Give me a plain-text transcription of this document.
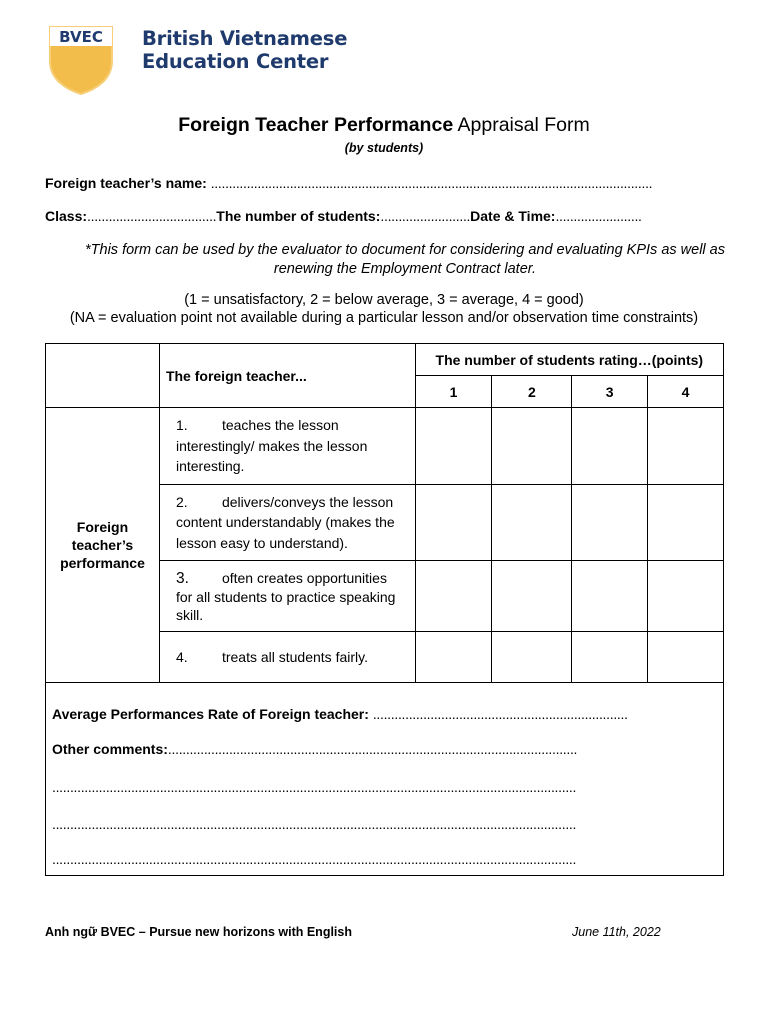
BVEC British Vietnamese
Education Center
Foreign Teacher Performance Appraisal Form
(by students)
Foreign teacher’s name: ...........................................................................................................................
Class:....................................The number of students:.........................Date & Time:........................
*This form can be used by the evaluator to document for considering and evaluating KPIs as well as renewing the Employment Contract later.
(1 = unsatisfactory, 2 = below average, 3 = average, 4 = good)
(NA = evaluation point not available during a particular lesson and/or observation time constraints)
	The foreign teacher...	The number of students rating…(points)			
		1	2	3	4
Foreign teacher’s performance	1. teaches the lesson interestingly/ makes the lesson interesting.				
	2. delivers/conveys the lesson content understandably (makes the lesson easy to understand).				
	3. often creates opportunities for all students to practice speaking skill.				
	4. treats all students fairly.				
Average Performances Rate of Foreign teacher: .......................................................................
Other comments:..................................................................................................................
..................................................................................................................................................
..................................................................................................................................................
..................................................................................................................................................
Anh ngữ BVEC – Pursue new horizons with English	June 11th, 2022
